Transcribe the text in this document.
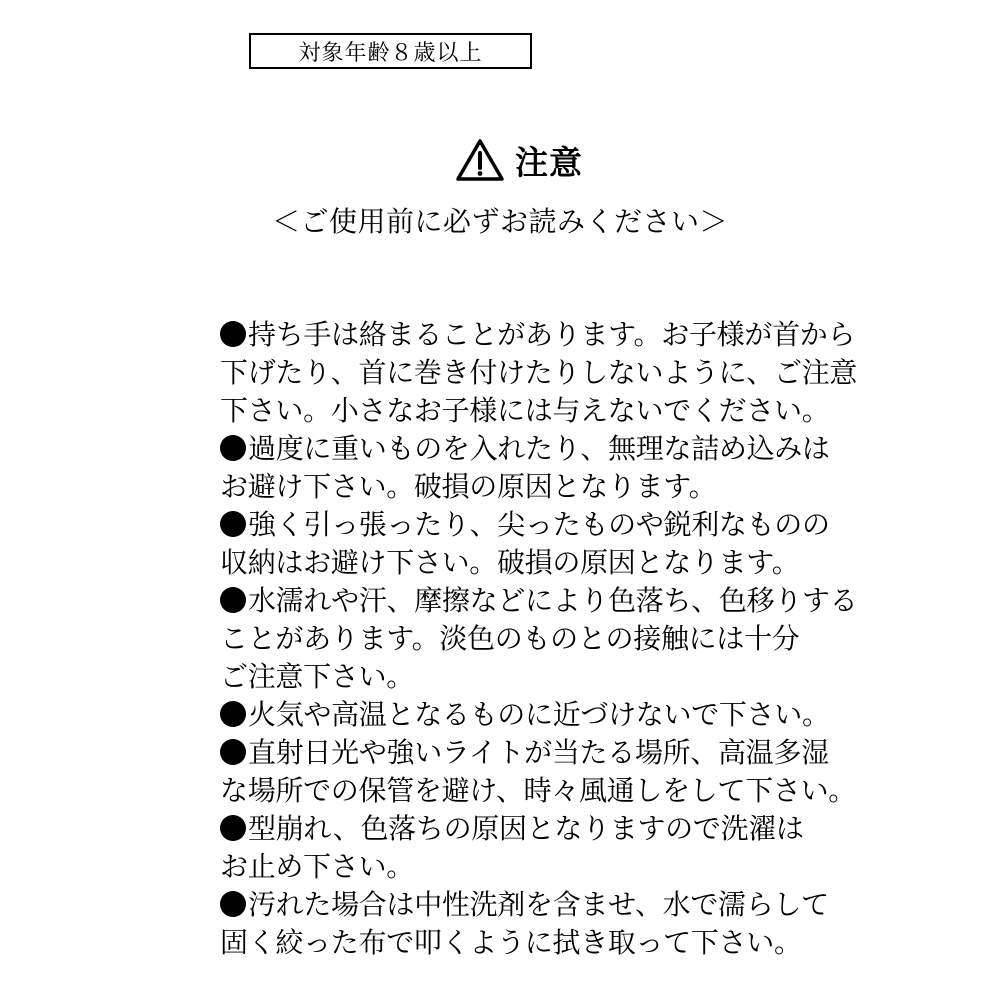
対象年齢８歳以上
注意
＜ご使用前に必ずお読みください＞
持ち手は絡まることがあります。お子様が首から
下げたり、首に巻き付けたりしないように、ご注意
下さい。小さなお子様には与えないでください。
過度に重いものを入れたり、無理な詰め込みは
お避け下さい。破損の原因となります。
強く引っ張ったり、尖ったものや鋭利なものの
収納はお避け下さい。破損の原因となります。
水濡れや汗、摩擦などにより色落ち、色移りする
ことがあります。淡色のものとの接触には十分
ご注意下さい。
火気や高温となるものに近づけないで下さい。
直射日光や強いライトが当たる場所、高温多湿
な場所での保管を避け、時々風通しをして下さい。
型崩れ、色落ちの原因となりますので洗濯は
お止め下さい。
汚れた場合は中性洗剤を含ませ、水で濡らして
固く絞った布で叩くように拭き取って下さい。
